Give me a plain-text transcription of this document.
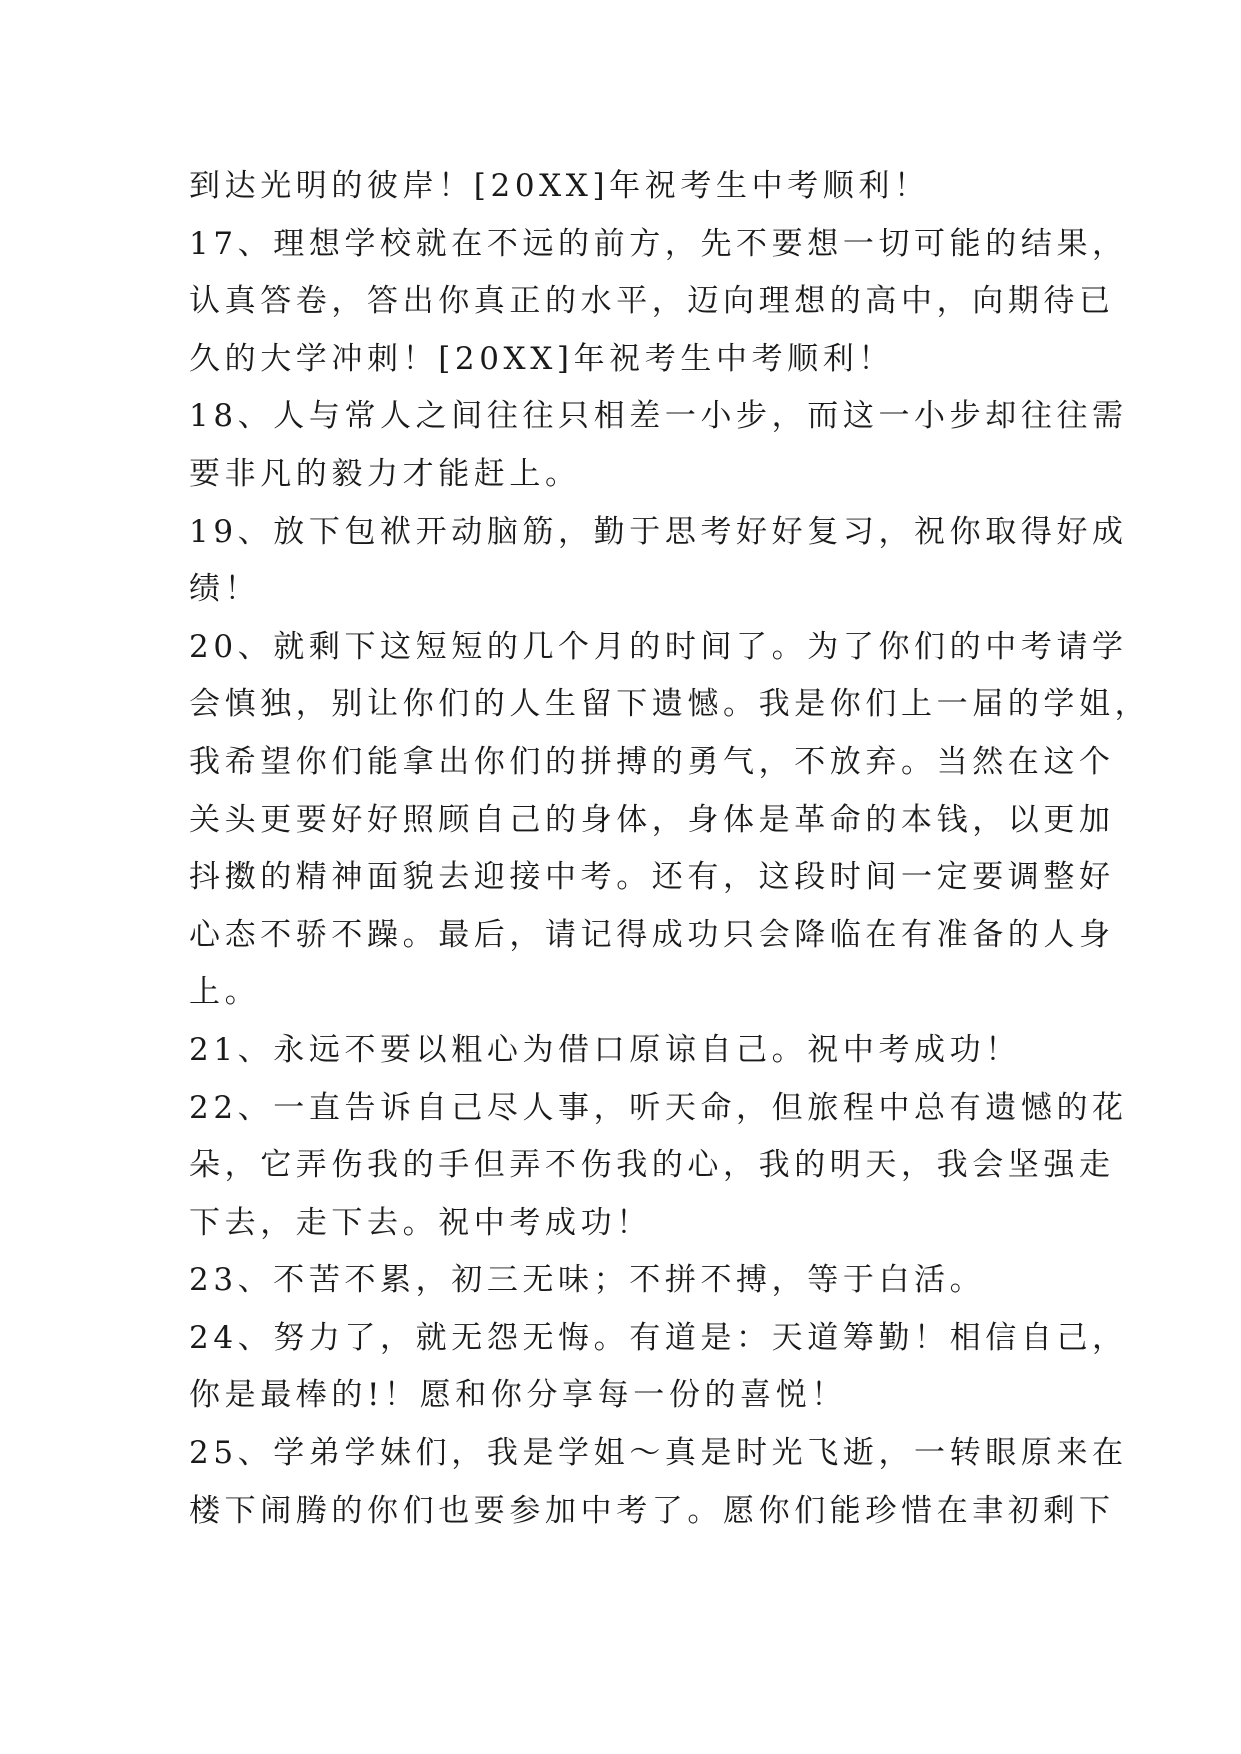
到达光明的彼岸！[20XX]年祝考生中考顺利！
17、理想学校就在不远的前方，先不要想一切可能的结果，
认真答卷，答出你真正的水平，迈向理想的高中，向期待已
久的大学冲刺！[20XX]年祝考生中考顺利！
18、人与常人之间往往只相差一小步，而这一小步却往往需
要非凡的毅力才能赶上。
19、放下包袱开动脑筋，勤于思考好好复习，祝你取得好成
绩！
20、就剩下这短短的几个月的时间了。为了你们的中考请学
会慎独，别让你们的人生留下遗憾。我是你们上一届的学姐，
我希望你们能拿出你们的拼搏的勇气，不放弃。当然在这个
关头更要好好照顾自己的身体，身体是革命的本钱，以更加
抖擞的精神面貌去迎接中考。还有，这段时间一定要调整好
心态不骄不躁。最后，请记得成功只会降临在有准备的人身
上。
21、永远不要以粗心为借口原谅自己。祝中考成功！
22、一直告诉自己尽人事，听天命，但旅程中总有遗憾的花
朵，它弄伤我的手但弄不伤我的心，我的明天，我会坚强走
下去，走下去。祝中考成功！
23、不苦不累，初三无味；不拼不搏，等于白活。
24、努力了，就无怨无悔。有道是：天道筹勤！相信自己，
你是最棒的!！愿和你分享每一份的喜悦！
25、学弟学妹们，我是学姐～真是时光飞逝，一转眼原来在
楼下闹腾的你们也要参加中考了。愿你们能珍惜在聿初剩下
